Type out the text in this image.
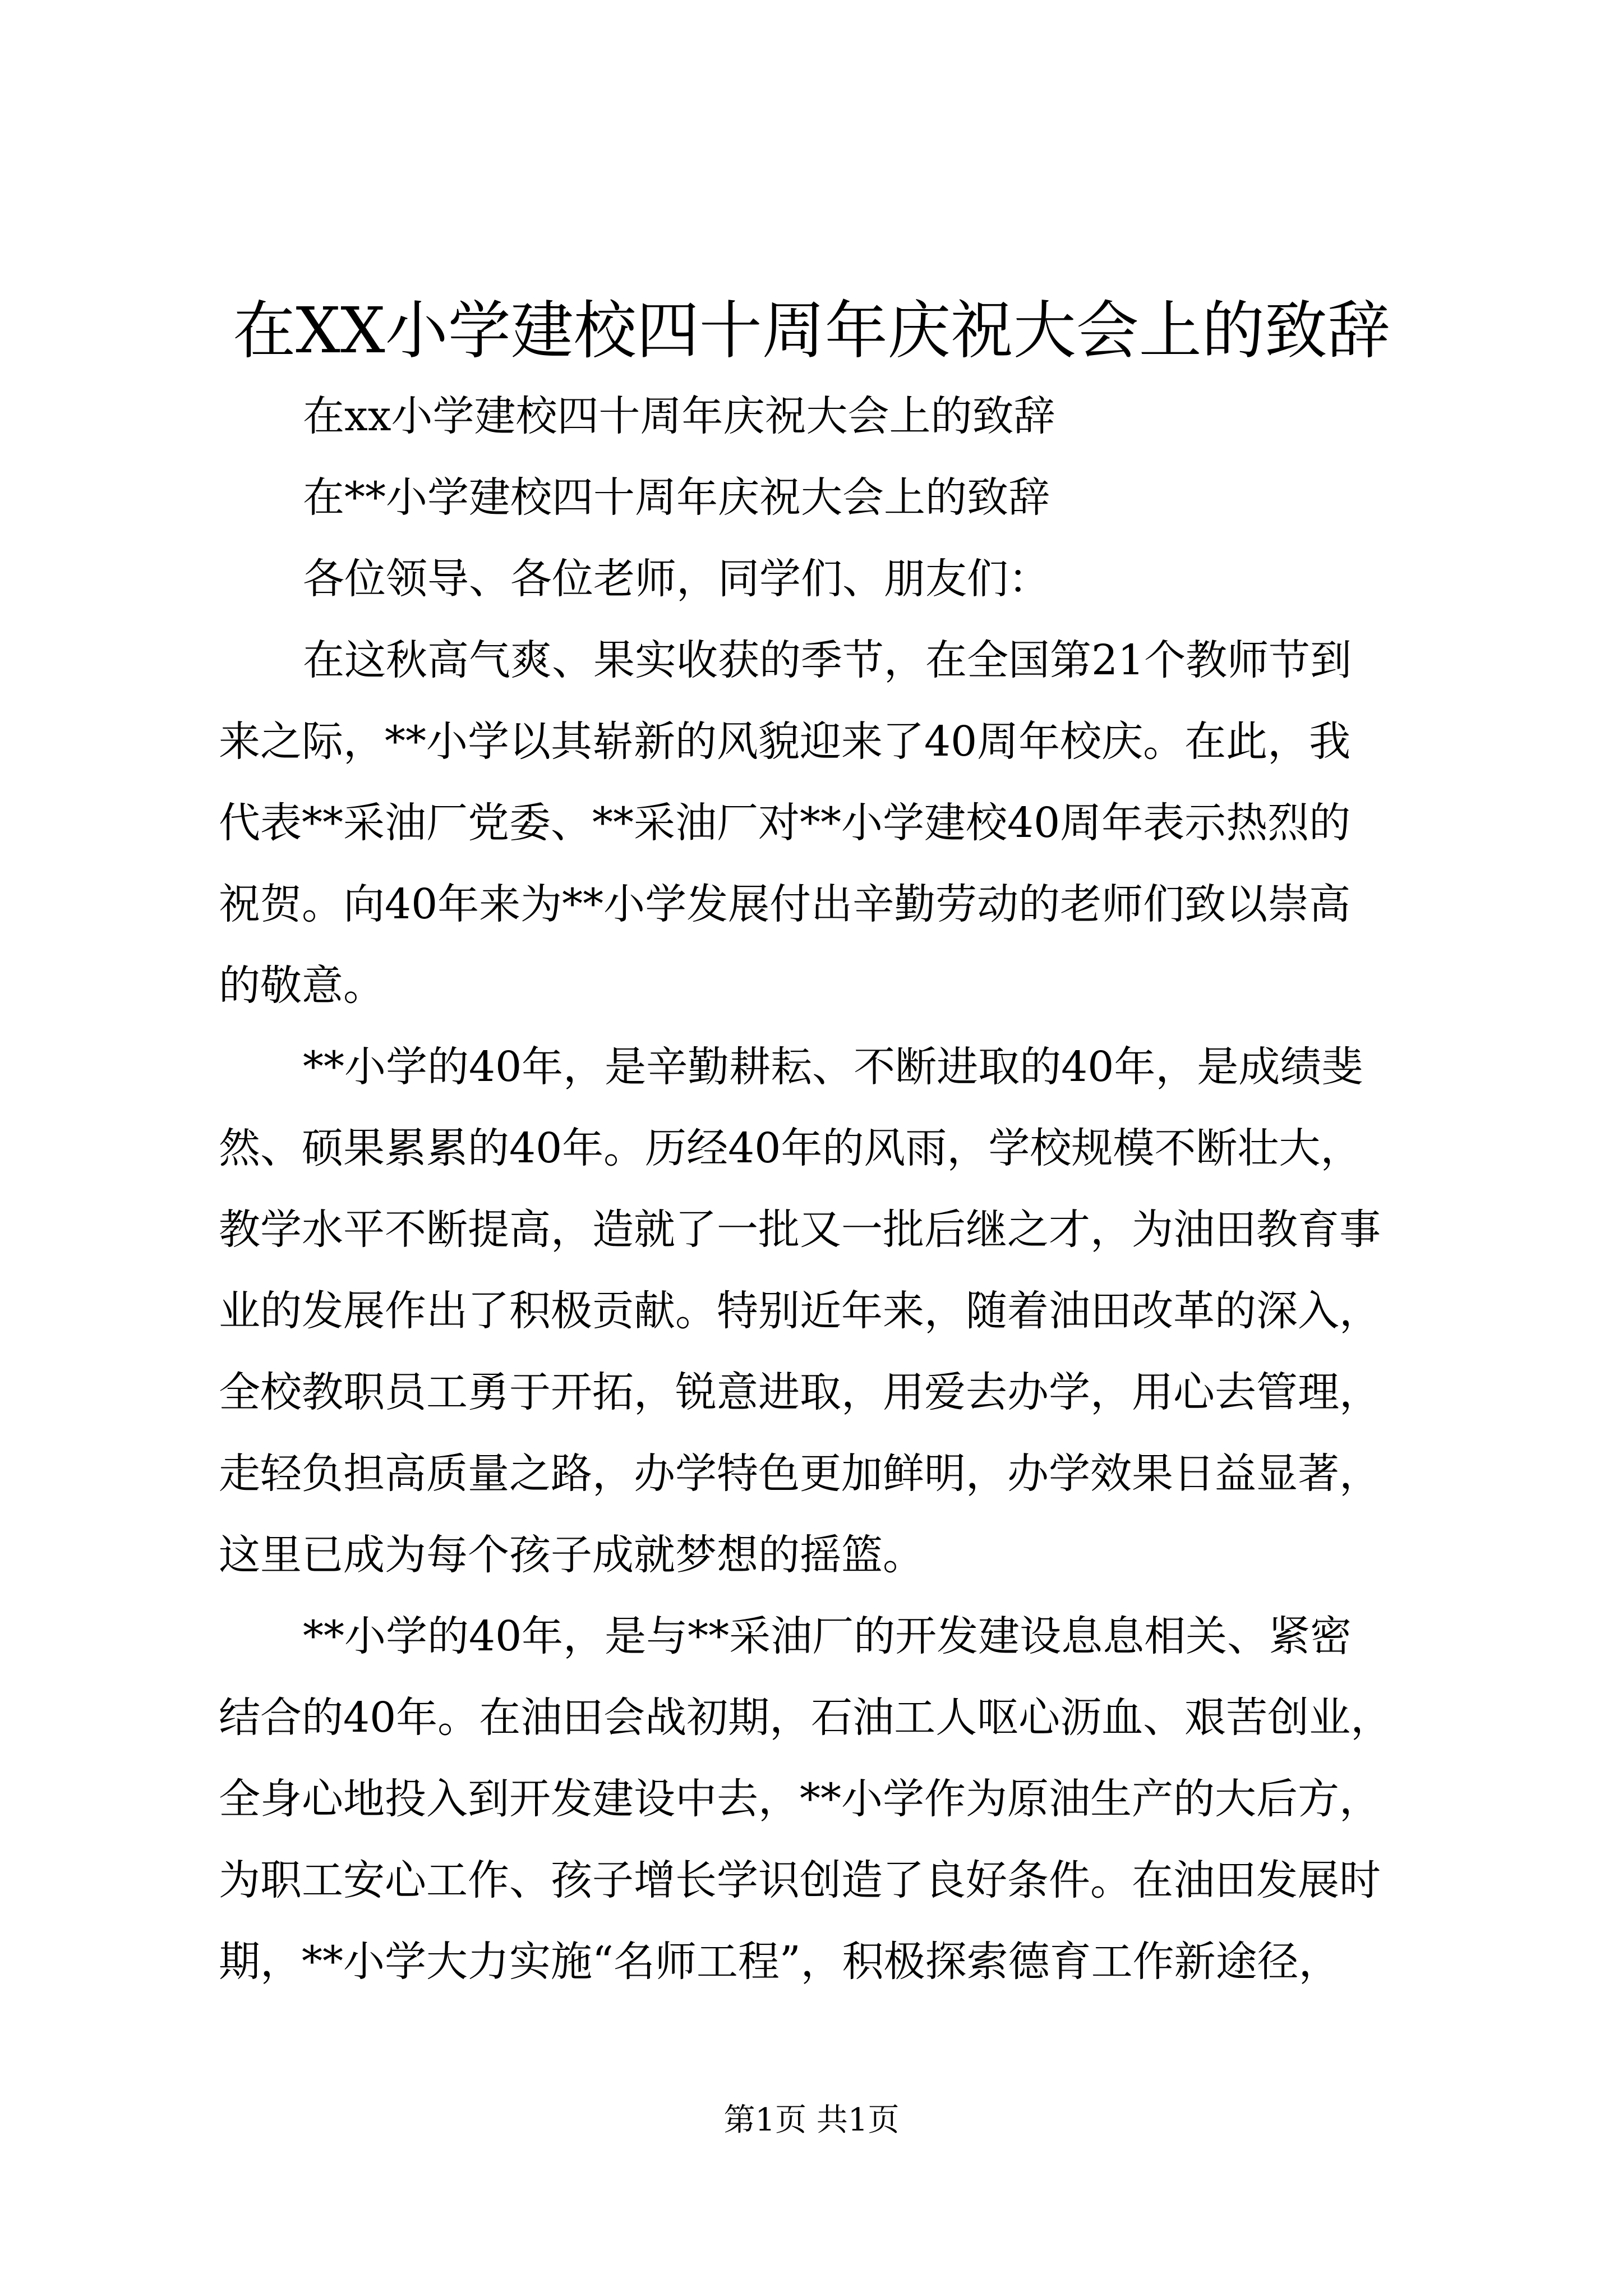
在XX小学建校四十周年庆祝大会上的致辞
在xx小学建校四十周年庆祝大会上的致辞
在**小学建校四十周年庆祝大会上的致辞
各位领导、各位老师，同学们、朋友们：
在这秋高气爽、果实收获的季节，在全国第21个教师节到
来之际，**小学以其崭新的风貌迎来了40周年校庆。在此，我
代表**采油厂党委、**采油厂对**小学建校40周年表示热烈的
祝贺。向40年来为**小学发展付出辛勤劳动的老师们致以崇高
的敬意。
**小学的40年，是辛勤耕耘、不断进取的40年，是成绩斐
然、硕果累累的40年。历经40年的风雨，学校规模不断壮大，
教学水平不断提高，造就了一批又一批后继之才，为油田教育事
业的发展作出了积极贡献。特别近年来，随着油田改革的深入，
全校教职员工勇于开拓，锐意进取，用爱去办学，用心去管理，
走轻负担高质量之路，办学特色更加鲜明，办学效果日益显著，
这里已成为每个孩子成就梦想的摇篮。
**小学的40年，是与**采油厂的开发建设息息相关、紧密
结合的40年。在油田会战初期，石油工人呕心沥血、艰苦创业，
全身心地投入到开发建设中去，**小学作为原油生产的大后方，
为职工安心工作、孩子增长学识创造了良好条件。在油田发展时
期，**小学大力实施“名师工程”，积极探索德育工作新途径，
第1页 共1页
